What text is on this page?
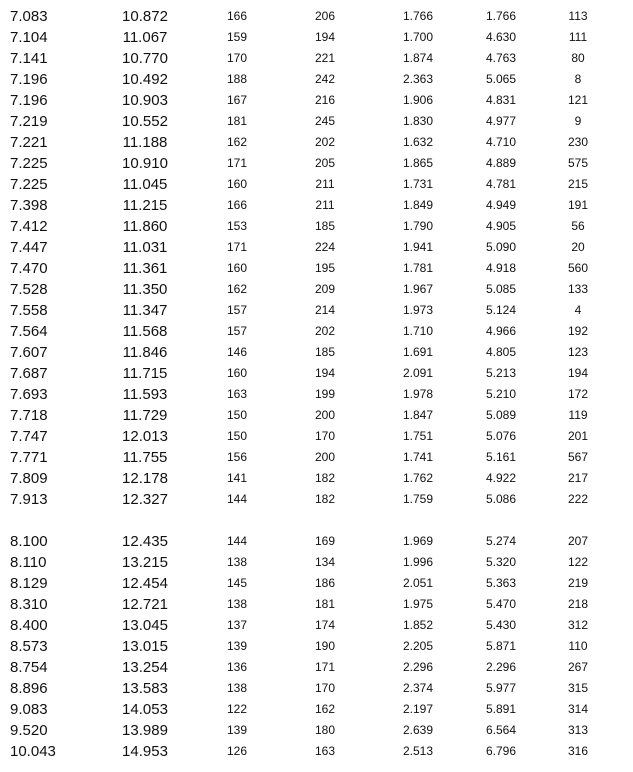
7.083	10.872	166	206	1.766	1.766	113
7.104	11.067	159	194	1.700	4.630	111
7.141	10.770	170	221	1.874	4.763	80
7.196	10.492	188	242	2.363	5.065	8
7.196	10.903	167	216	1.906	4.831	121
7.219	10.552	181	245	1.830	4.977	9
7.221	11.188	162	202	1.632	4.710	230
7.225	10.910	171	205	1.865	4.889	575
7.225	11.045	160	211	1.731	4.781	215
7.398	11.215	166	211	1.849	4.949	191
7.412	11.860	153	185	1.790	4.905	56
7.447	11.031	171	224	1.941	5.090	20
7.470	11.361	160	195	1.781	4.918	560
7.528	11.350	162	209	1.967	5.085	133
7.558	11.347	157	214	1.973	5.124	4
7.564	11.568	157	202	1.710	4.966	192
7.607	11.846	146	185	1.691	4.805	123
7.687	11.715	160	194	2.091	5.213	194
7.693	11.593	163	199	1.978	5.210	172
7.718	11.729	150	200	1.847	5.089	119
7.747	12.013	150	170	1.751	5.076	201
7.771	11.755	156	200	1.741	5.161	567
7.809	12.178	141	182	1.762	4.922	217
7.913	12.327	144	182	1.759	5.086	222
8.100	12.435	144	169	1.969	5.274	207
8.110	13.215	138	134	1.996	5.320	122
8.129	12.454	145	186	2.051	5.363	219
8.310	12.721	138	181	1.975	5.470	218
8.400	13.045	137	174	1.852	5.430	312
8.573	13.015	139	190	2.205	5.871	110
8.754	13.254	136	171	2.296	2.296	267
8.896	13.583	138	170	2.374	5.977	315
9.083	14.053	122	162	2.197	5.891	314
9.520	13.989	139	180	2.639	6.564	313
10.043	14.953	126	163	2.513	6.796	316
